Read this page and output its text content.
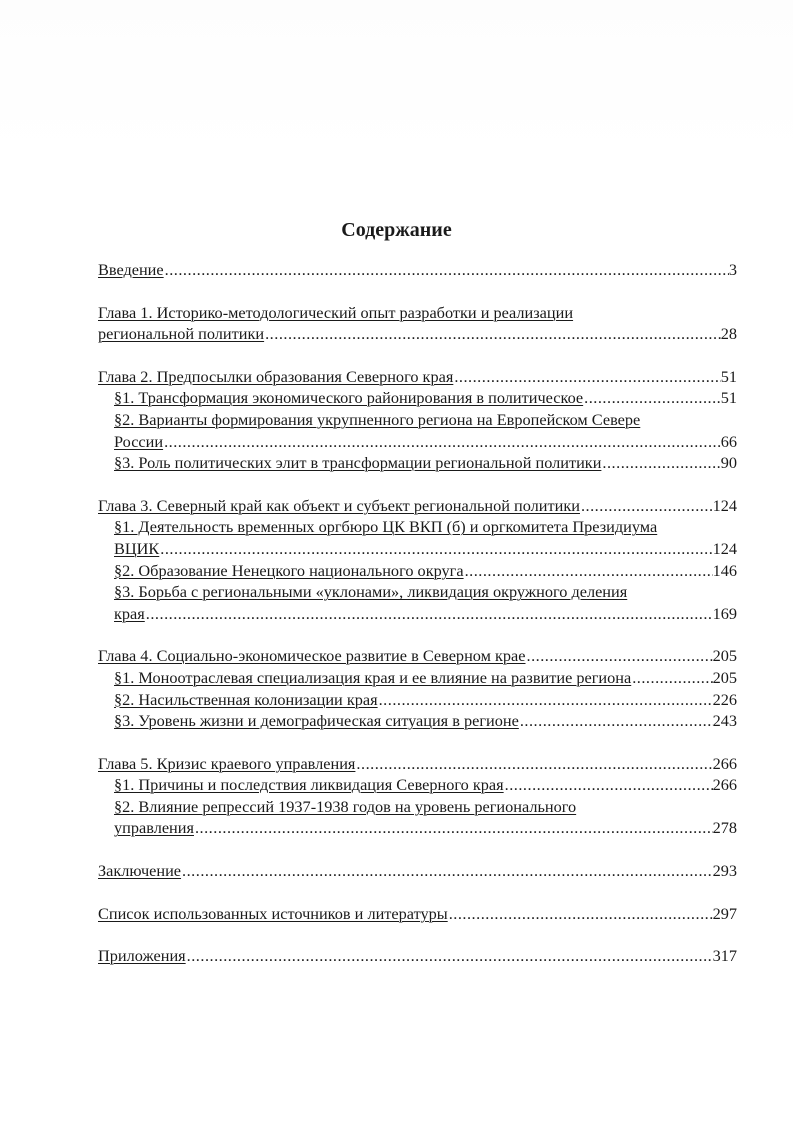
Содержание
Введение .....	3
Глава 1. Историко-методологический опыт разработки и реализации
региональной политики .....	28
Глава 2. Предпосылки образования Северного края .....	51
§1. Трансформация экономического районирования в политическое .....	51
§2. Варианты формирования укрупненного региона на Европейском Севере
России .....	66
§3. Роль политических элит в трансформации региональной политики .....	90
Глава 3. Северный край как объект и субъект региональной политики .....	124
§1. Деятельность временных оргбюро ЦК ВКП (б) и оргкомитета Президиума
ВЦИК .....	124
§2. Образование Ненецкого национального округа .....	146
§3. Борьба с региональными «уклонами», ликвидация окружного деления
края .....	169
Глава 4. Социально-экономическое развитие в Северном крае .....	205
§1. Моноотраслевая специализация края и ее влияние на развитие региона .....	205
§2. Насильственная колонизации края .....	226
§3. Уровень жизни и демографическая ситуация в регионе .....	243
Глава 5. Кризис краевого управления .....	266
§1. Причины и последствия ликвидация Северного края .....	266
§2. Влияние репрессий 1937-1938 годов на уровень регионального
управления .....	278
Заключение .....	293
Список использованных источников и литературы .....	297
Приложения .....	317
